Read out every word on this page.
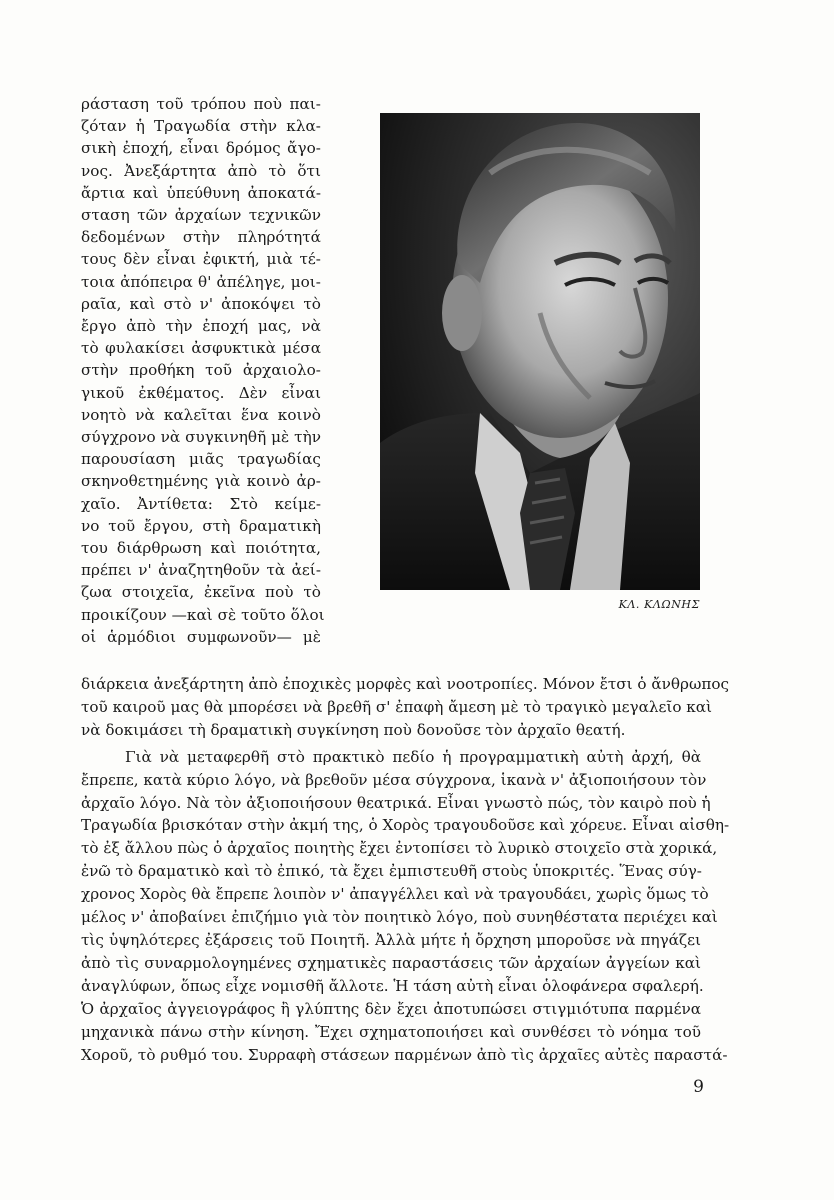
ράσταση τοῦ τρόπου ποὺ παι-
ζόταν ἡ Τραγωδία στὴν κλα-
σικὴ ἐποχή, εἶναι δρόμος ἄγο-
νος. Ἀνεξάρτητα ἀπὸ τὸ ὅτι
ἄρτια καὶ ὑπεύθυνη ἀποκατά-
σταση τῶν ἀρχαίων τεχνικῶν
δεδομένων στὴν πληρότητά
τους δὲν εἶναι ἐφικτή, μιὰ τέ-
τοια ἀπόπειρα θ' ἀπέληγε, μοι-
ραῖα, καὶ στὸ ν' ἀποκόψει τὸ
ἔργο ἀπὸ τὴν ἐποχή μας, νὰ
τὸ φυλακίσει ἀσφυκτικὰ μέσα
στὴν προθήκη τοῦ ἀρχαιολο-
γικοῦ ἐκθέματος. Δὲν εἶναι
νοητὸ νὰ καλεῖται ἕνα κοινὸ
σύγχρονο νὰ συγκινηθῆ μὲ τὴν
παρουσίαση μιᾶς τραγωδίας
σκηνοθετημένης γιὰ κοινὸ ἀρ-
χαῖο. Ἀντίθετα: Στὸ κείμε-
νο τοῦ ἔργου, στὴ δραματικὴ
του διάρθρωση καὶ ποιότητα,
πρέπει ν' ἀναζητηθοῦν τὰ ἀεί-
ζωα στοιχεῖα, ἐκεῖνα ποὺ τὸ
προικίζουν —καὶ σὲ τοῦτο ὅλοι
οἱ ἁρμόδιοι συμφωνοῦν— μὲ
ΚΛ. ΚΛΩΝΗΣ
διάρκεια ἀνεξάρτητη ἀπὸ ἐποχικὲς μορφὲς καὶ νοοτροπίες. Μόνον ἔτσι ὁ ἄνθρωπος
τοῦ καιροῦ μας θὰ μπορέσει νὰ βρεθῆ σ' ἐπαφὴ ἄμεση μὲ τὸ τραγικὸ μεγαλεῖο καὶ
νὰ δοκιμάσει τὴ δραματικὴ συγκίνηση ποὺ δονοῦσε τὸν ἀρχαῖο θεατή.
Γιὰ νὰ μεταφερθῆ στὸ πρακτικὸ πεδίο ἡ προγραμματικὴ αὐτὴ ἀρχή, θὰ
ἔπρεπε, κατὰ κύριο λόγο, νὰ βρεθοῦν μέσα σύγχρονα, ἱκανὰ ν' ἀξιοποιήσουν τὸν
ἀρχαῖο λόγο. Νὰ τὸν ἀξιοποιήσουν θεατρικά. Εἶναι γνωστὸ πώς, τὸν καιρὸ ποὺ ἡ
Τραγωδία βρισκόταν στὴν ἀκμή της, ὁ Χορὸς τραγουδοῦσε καὶ χόρευε. Εἶναι αἰσθη-
τὸ ἐξ ἄλλου πὼς ὁ ἀρχαῖος ποιητὴς ἔχει ἐντοπίσει τὸ λυρικὸ στοιχεῖο στὰ χορικά,
ἐνῶ τὸ δραματικὸ καὶ τὸ ἐπικό, τὰ ἔχει ἐμπιστευθῆ στοὺς ὑποκριτές. Ἕνας σύγ-
χρονος Χορὸς θὰ ἔπρεπε λοιπὸν ν' ἀπαγγέλλει καὶ νὰ τραγουδάει, χωρὶς ὅμως τὸ
μέλος ν' ἀποβαίνει ἐπιζήμιο γιὰ τὸν ποιητικὸ λόγο, ποὺ συνηθέστατα περιέχει καὶ
τὶς ὑψηλότερες ἐξάρσεις τοῦ Ποιητῆ. Ἀλλὰ μήτε ἡ ὄρχηση μποροῦσε νὰ πηγάζει
ἀπὸ τὶς συναρμολογημένες σχηματικὲς παραστάσεις τῶν ἀρχαίων ἀγγείων καὶ
ἀναγλύφων, ὅπως εἶχε νομισθῆ ἄλλοτε. Ἡ τάση αὐτὴ εἶναι ὁλοφάνερα σφαλερή.
Ὁ ἀρχαῖος ἀγγειογράφος ἢ γλύπτης δὲν ἔχει ἀποτυπώσει στιγμιότυπα παρμένα
μηχανικὰ πάνω στὴν κίνηση. Ἔχει σχηματοποιήσει καὶ συνθέσει τὸ νόημα τοῦ
Χοροῦ, τὸ ρυθμό του. Συρραφὴ στάσεων παρμένων ἀπὸ τὶς ἀρχαῖες αὐτὲς παραστά-
9
